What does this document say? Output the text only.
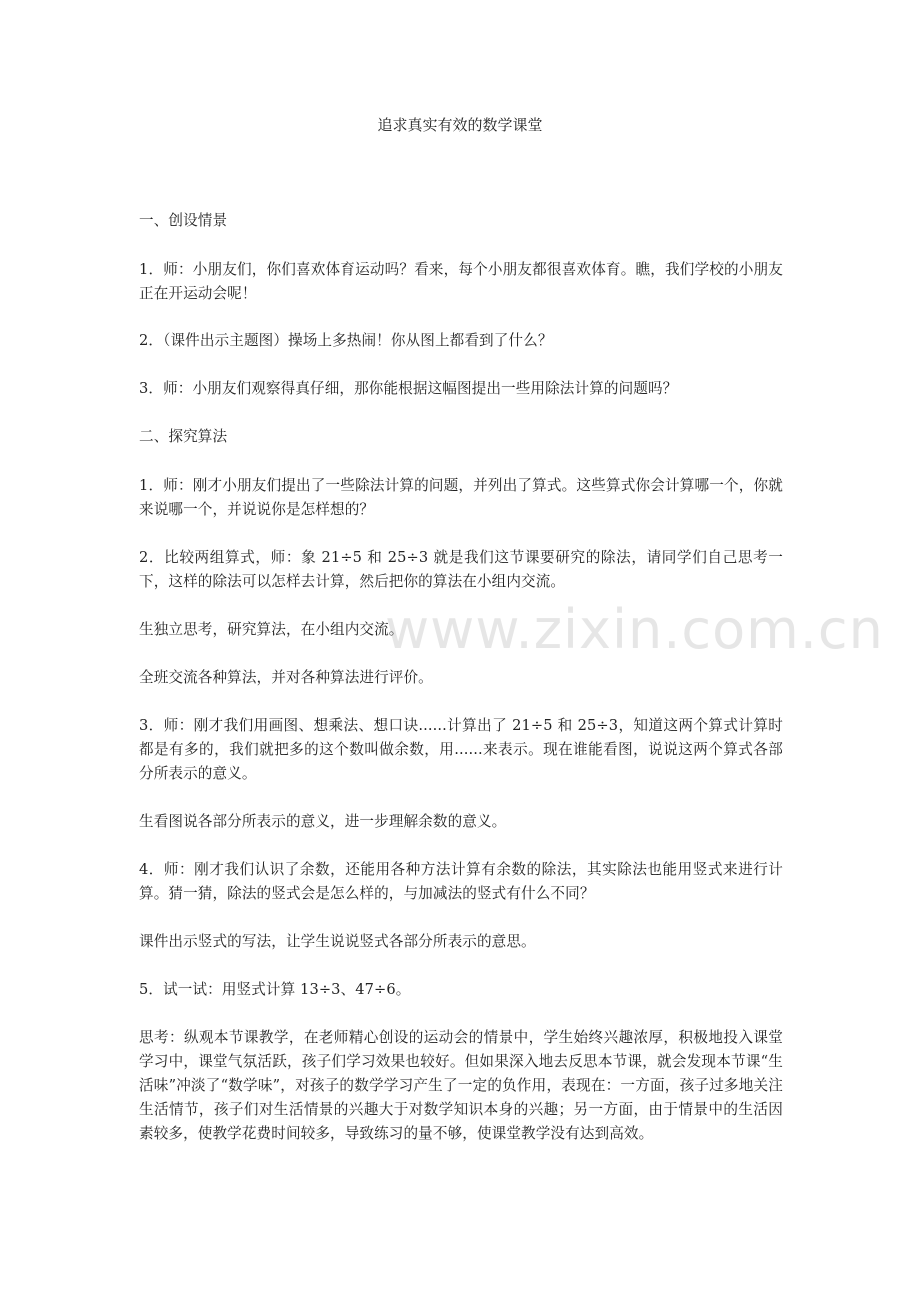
www.zixin.com.cn
追求真实有效的数学课堂
一、创设情景
1．师：小朋友们，你们喜欢体育运动吗？看来，每个小朋友都很喜欢体育。瞧，我们学校的小朋友正在开运动会呢！
2．（课件出示主题图）操场上多热闹！你从图上都看到了什么？
3．师：小朋友们观察得真仔细，那你能根据这幅图提出一些用除法计算的问题吗？
二、探究算法
1．师：刚才小朋友们提出了一些除法计算的问题，并列出了算式。这些算式你会计算哪一个，你就来说哪一个，并说说你是怎样想的？
2．比较两组算式，师：象 21÷5 和 25÷3 就是我们这节课要研究的除法，请同学们自己思考一下，这样的除法可以怎样去计算，然后把你的算法在小组内交流。
生独立思考，研究算法，在小组内交流。
全班交流各种算法，并对各种算法进行评价。
3．师：刚才我们用画图、想乘法、想口诀......计算出了 21÷5 和 25÷3，知道这两个算式计算时都是有多的，我们就把多的这个数叫做余数，用......来表示。现在谁能看图，说说这两个算式各部分所表示的意义。
生看图说各部分所表示的意义，进一步理解余数的意义。
4．师：刚才我们认识了余数，还能用各种方法计算有余数的除法，其实除法也能用竖式来进行计算。猜一猜，除法的竖式会是怎么样的，与加减法的竖式有什么不同？
课件出示竖式的写法，让学生说说竖式各部分所表示的意思。
5．试一试：用竖式计算 13÷3、47÷6。
思考：纵观本节课教学，在老师精心创设的运动会的情景中，学生始终兴趣浓厚，积极地投入课堂学习中，课堂气氛活跃，孩子们学习效果也较好。但如果深入地去反思本节课，就会发现本节课“生活味”冲淡了“数学味”，对孩子的数学学习产生了一定的负作用，表现在：一方面，孩子过多地关注生活情节，孩子们对生活情景的兴趣大于对数学知识本身的兴趣；另一方面，由于情景中的生活因素较多，使教学花费时间较多，导致练习的量不够，使课堂教学没有达到高效。
